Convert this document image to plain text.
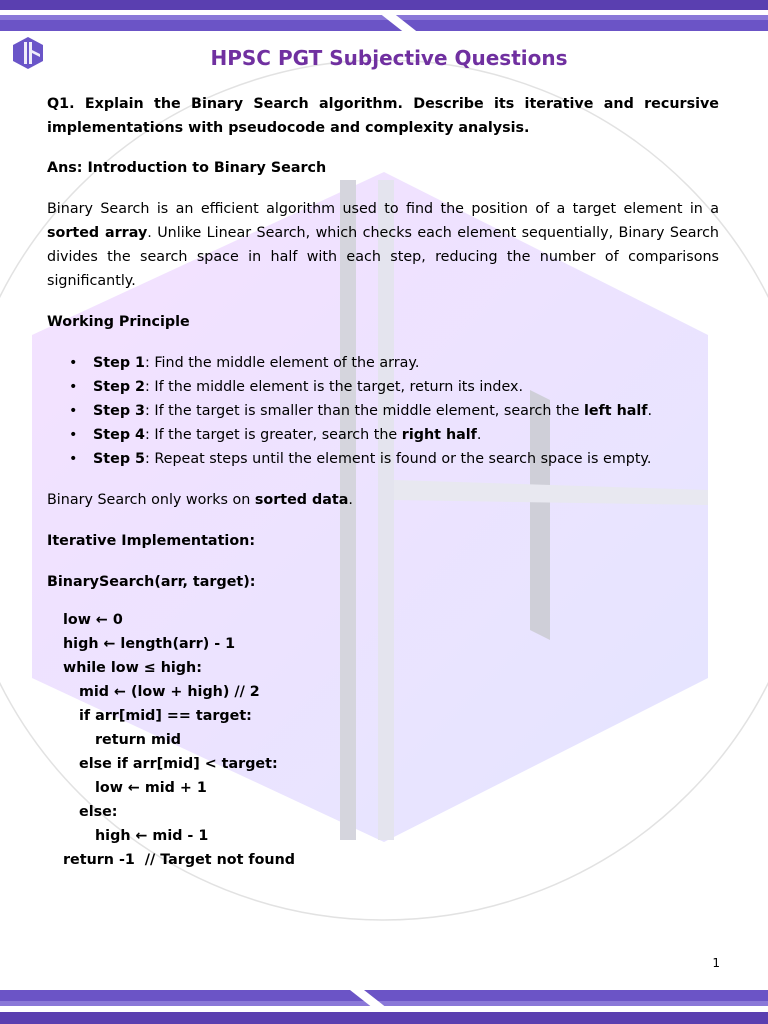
HPSC PGT Subjective Questions

Q1. Explain the Binary Search algorithm. Describe its iterative and recursive implementations with pseudocode and complexity analysis.

Ans: Introduction to Binary Search

Binary Search is an efficient algorithm used to find the position of a target element in a sorted array. Unlike Linear Search, which checks each element sequentially, Binary Search divides the search space in half with each step, reducing the number of comparisons significantly.

Working Principle

• Step 1: Find the middle element of the array.
• Step 2: If the middle element is the target, return its index.
• Step 3: If the target is smaller than the middle element, search the left half.
• Step 4: If the target is greater, search the right half.
• Step 5: Repeat steps until the element is found or the search space is empty.

Binary Search only works on sorted data.

Iterative Implementation:

BinarySearch(arr, target):

low ← 0
high ← length(arr) - 1
while low ≤ high:
mid ← (low + high) // 2
if arr[mid] == target:
return mid
else if arr[mid] < target:
low ← mid + 1
else:
high ← mid - 1
return -1  // Target not found
1
